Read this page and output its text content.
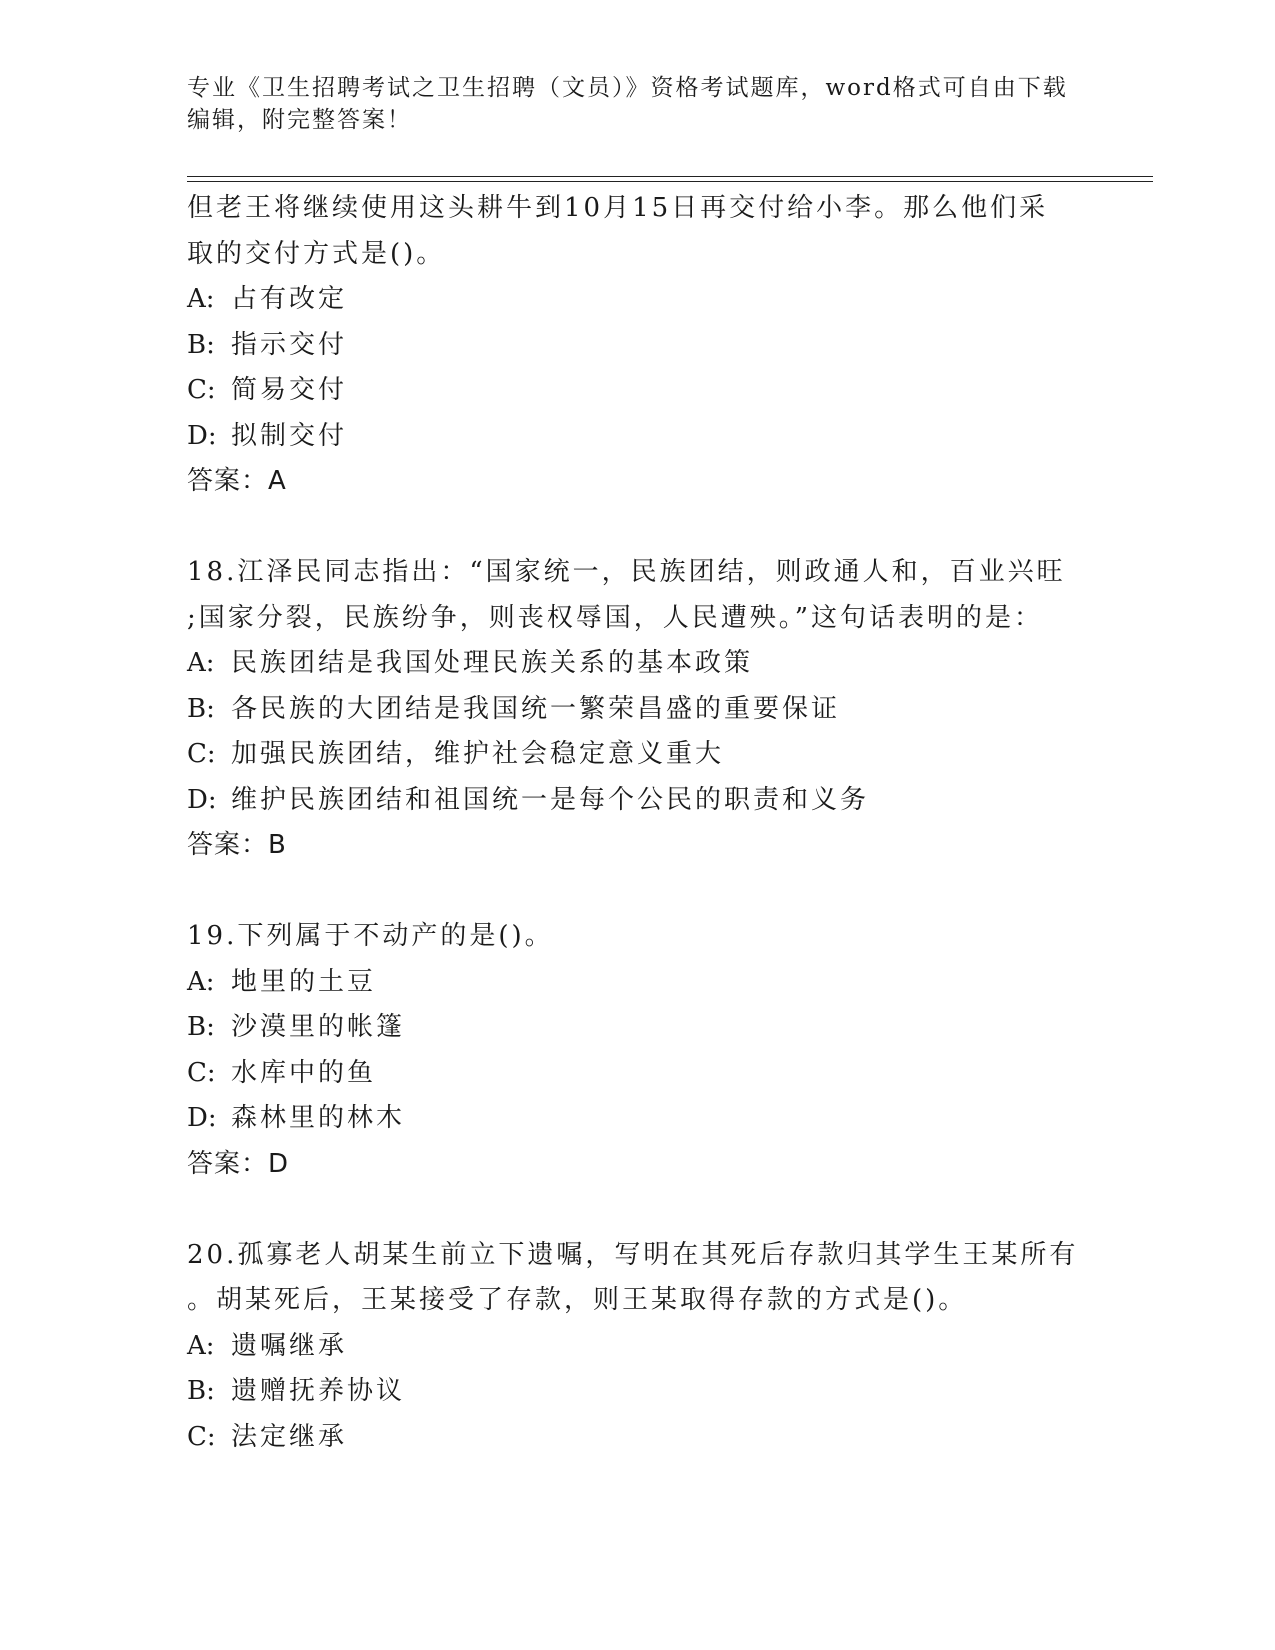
专业《卫生招聘考试之卫生招聘（文员）》资格考试题库，word格式可自由下载
编辑，附完整答案！
但老王将继续使用这头耕牛到10月15日再交付给小李。那么他们采
取的交付方式是()。
A: 占有改定
B: 指示交付
C: 简易交付
D: 拟制交付
答案：A
18.江泽民同志指出：“国家统一，民族团结，则政通人和，百业兴旺
;国家分裂，民族纷争，则丧权辱国，人民遭殃。”这句话表明的是：
A: 民族团结是我国处理民族关系的基本政策
B: 各民族的大团结是我国统一繁荣昌盛的重要保证
C: 加强民族团结，维护社会稳定意义重大
D: 维护民族团结和祖国统一是每个公民的职责和义务
答案：B
19.下列属于不动产的是()。
A: 地里的土豆
B: 沙漠里的帐篷
C: 水库中的鱼
D: 森林里的林木
答案：D
20.孤寡老人胡某生前立下遗嘱，写明在其死后存款归其学生王某所有
。胡某死后，王某接受了存款，则王某取得存款的方式是()。
A: 遗嘱继承
B: 遗赠抚养协议
C: 法定继承
